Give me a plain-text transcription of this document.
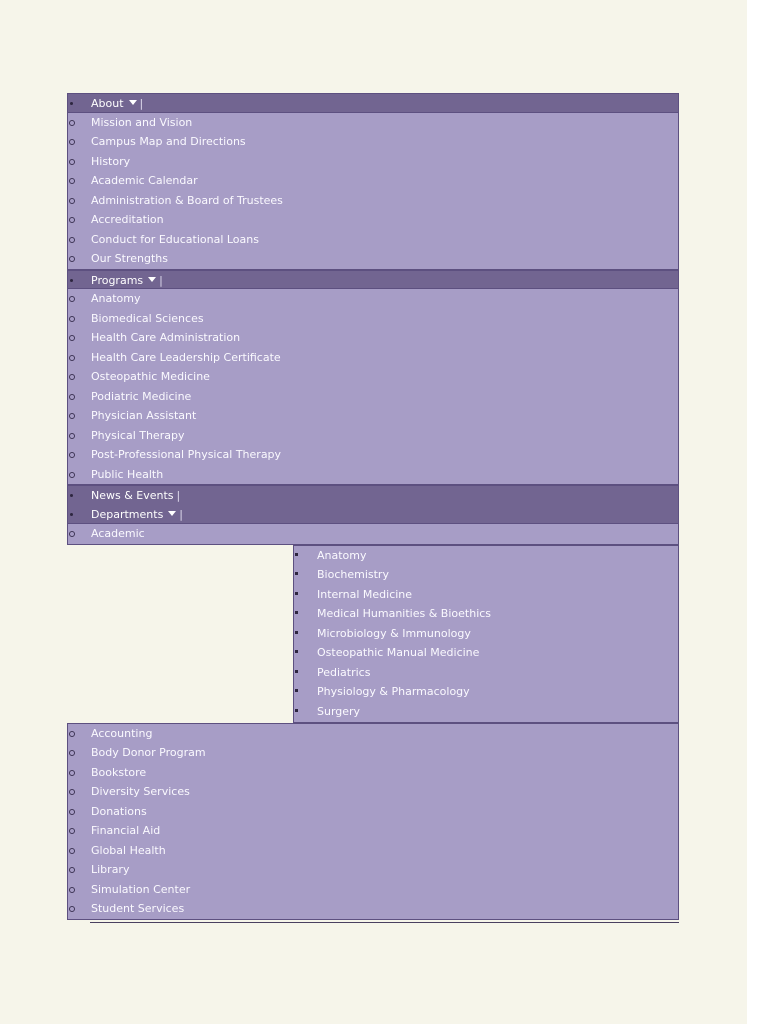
About |
Mission and Vision
Campus Map and Directions
History
Academic Calendar
Administration & Board of Trustees
Accreditation
Conduct for Educational Loans
Our Strengths
Programs |
Anatomy
Biomedical Sciences
Health Care Administration
Health Care Leadership Certificate
Osteopathic Medicine
Podiatric Medicine
Physician Assistant
Physical Therapy
Post-Professional Physical Therapy
Public Health
News & Events |
Departments |
Academic
Anatomy
Biochemistry
Internal Medicine
Medical Humanities & Bioethics
Microbiology & Immunology
Osteopathic Manual Medicine
Pediatrics
Physiology & Pharmacology
Surgery
Accounting
Body Donor Program
Bookstore
Diversity Services
Donations
Financial Aid
Global Health
Library
Simulation Center
Student Services
